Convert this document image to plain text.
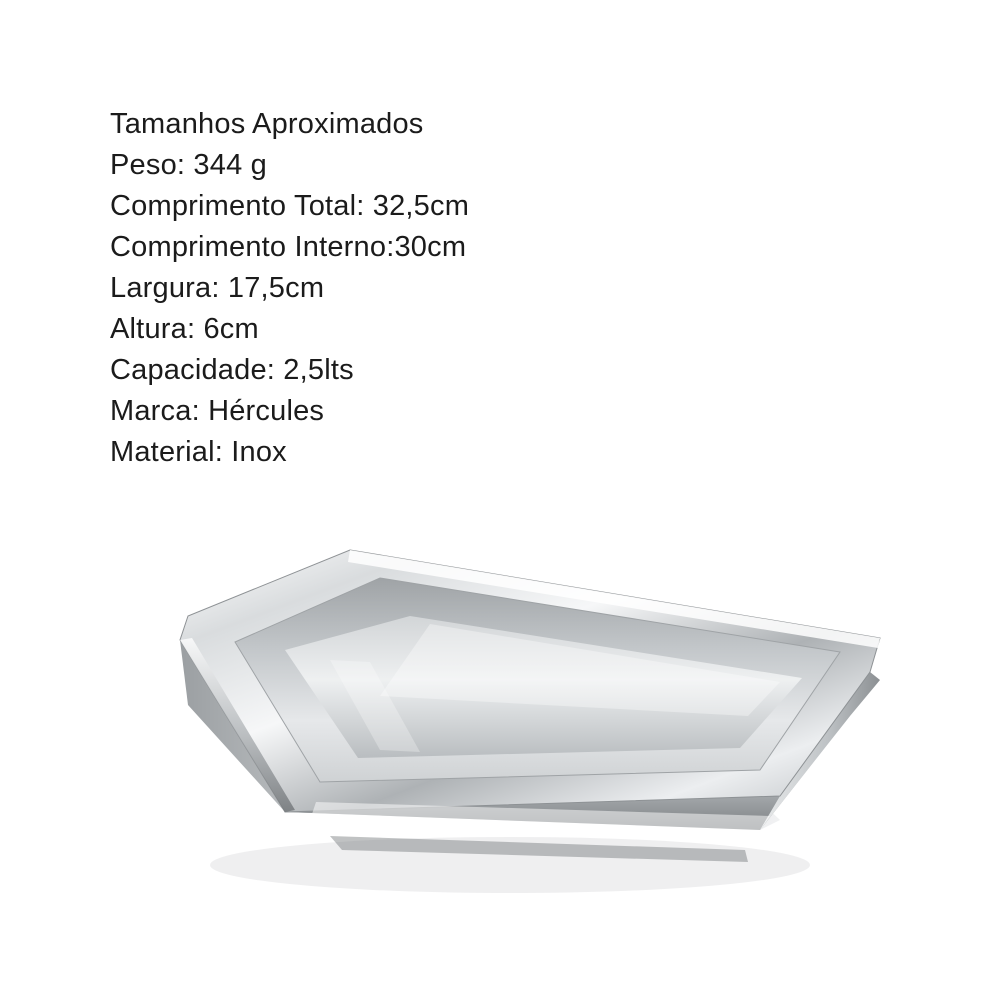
Tamanhos Aproximados
Peso: 344 g
Comprimento Total: 32,5cm
Comprimento Interno:30cm
Largura: 17,5cm
Altura: 6cm
Capacidade: 2,5lts
Marca: Hércules
Material: Inox
